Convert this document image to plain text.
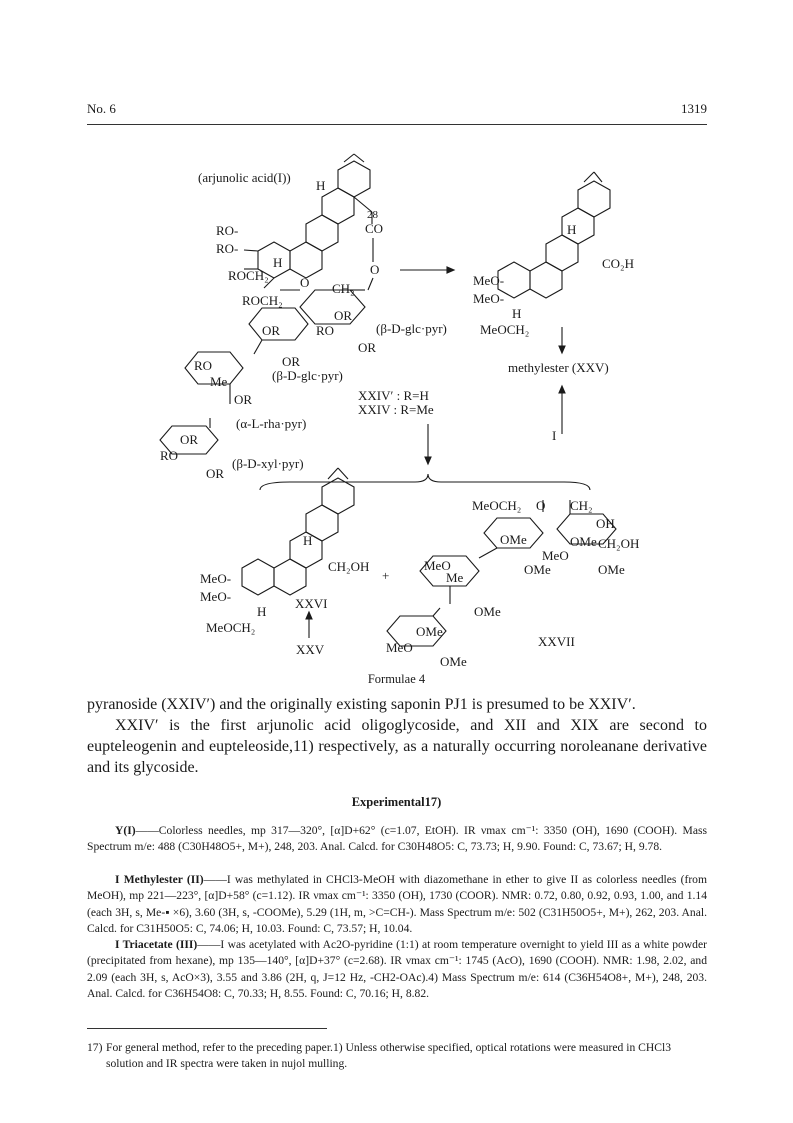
No. 6	1319
(arjunolic acid(I))
H
28
CO
RO-
RO-
H
ROCH₂	O
O CH₂
ROCH₂
OR
OR	RO	(β-D-glc·pyr)
OR
OR
RO
Me	(β-D-glc·pyr)
OR
(α-L-rha·pyr)
XXIV′ : R=H
XXIV : R=Me
OR
RO
(β-D-xyl·pyr)
OR
H
CO₂H
MeO-
MeO-
H
MeOCH₂
methylester (XXV)
I
H
CH₂OH
MeO-
MeO-
H
XXVI
MeOCH₂
XXV
+
MeOCH₂ O CH₂
OH
OMe	OMe CH₂OH
MeO
OMe	OMe
MeO
Me
OMe
OMe
MeO	XXVII
OMe
Formulae 4

pyranoside (XXIV′) and the originally existing saponin PJ1 is presumed to be XXIV′.

XXIV′ is the first arjunolic acid oligoglycoside, and XII and XIX are second to eupteleogenin and eupteleoside,11) respectively, as a naturally occurring noroleanane derivative and its glycoside.

Experimental17)

Y(I)——Colorless needles, mp 317—320°, [α]D+62° (c=1.07, EtOH). IR νmax cm⁻¹: 3350 (OH), 1690 (COOH). Mass Spectrum m/e: 488 (C30H48O5+, M+), 248, 203. Anal. Calcd. for C30H48O5: C, 73.73; H, 9.90. Found: C, 73.67; H, 9.78.

I Methylester (II)——I was methylated in CHCl3-MeOH with diazomethane in ether to give II as colorless needles (from MeOH), mp 221—223°, [α]D+58° (c=1.12). IR νmax cm⁻¹: 3350 (OH), 1730 (COOR). NMR: 0.72, 0.80, 0.92, 0.93, 1.00, and 1.14 (each 3H, s, Me-▪ ×6), 3.60 (3H, s, -COOMe), 5.29 (1H, m, >C=CH-). Mass Spectrum m/e: 502 (C31H50O5+, M+), 262, 203. Anal. Calcd. for C31H50O5: C, 74.06; H, 10.03. Found: C, 73.57; H, 10.04.

I Triacetate (III)——I was acetylated with Ac2O-pyridine (1:1) at room temperature overnight to yield III as a white powder (precipitated from hexane), mp 135—140°, [α]D+37° (c=2.68). IR νmax cm⁻¹: 1745 (AcO), 1690 (COOH). NMR: 1.98, 2.02, and 2.09 (each 3H, s, AcO×3), 3.55 and 3.86 (2H, q, J=12 Hz, -CH2-OAc).4) Mass Spectrum m/e: 614 (C36H54O8+, M+), 248, 203. Anal. Calcd. for C36H54O8: C, 70.33; H, 8.55. Found: C, 70.16; H, 8.82.

17) For general method, refer to the preceding paper.1) Unless otherwise specified, optical rotations were measured in CHCl3 solution and IR spectra were taken in nujol mulling.
